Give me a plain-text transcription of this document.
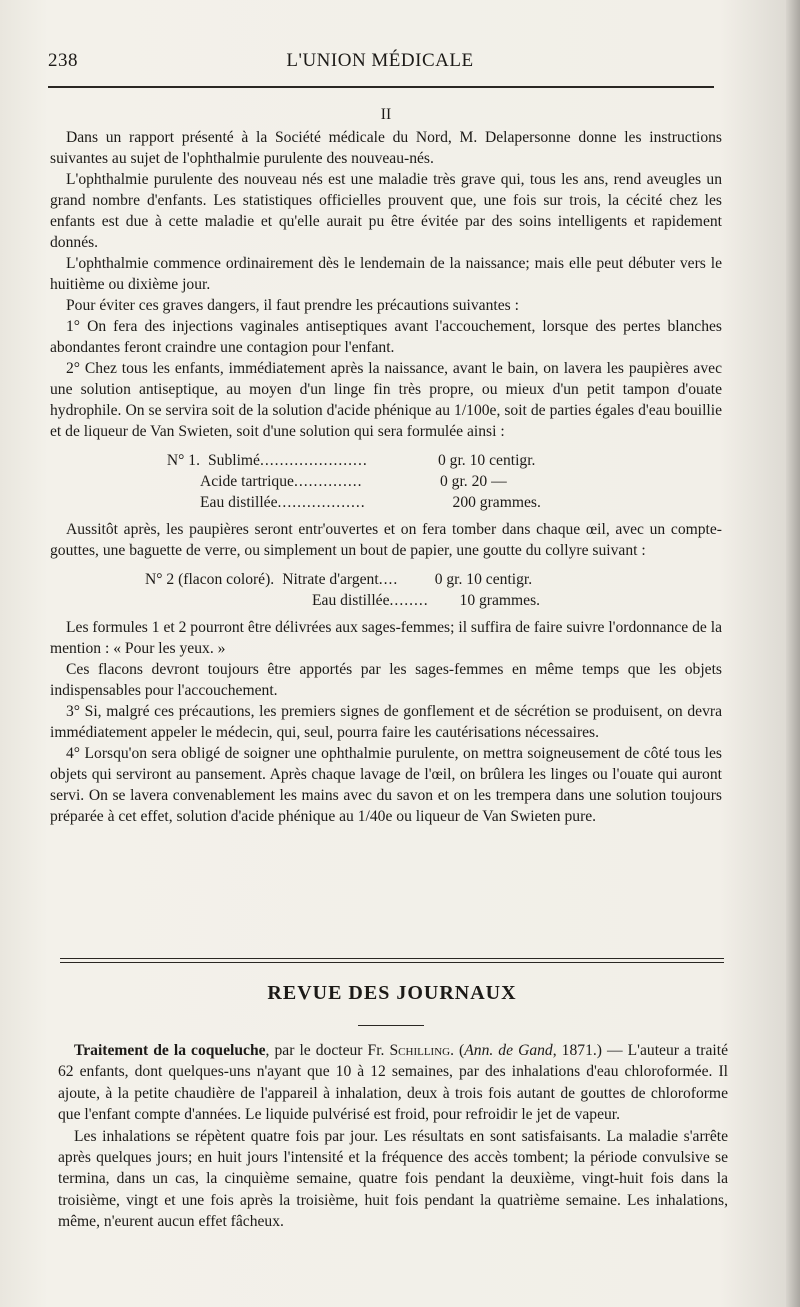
238	L'UNION MÉDICALE

II

Dans un rapport présenté à la Société médicale du Nord, M. Delapersonne donne les instructions suivantes au sujet de l'ophthalmie purulente des nouveau-nés.

L'ophthalmie purulente des nouveau nés est une maladie très grave qui, tous les ans, rend aveugles un grand nombre d'enfants. Les statistiques officielles prouvent que, une fois sur trois, la cécité chez les enfants est due à cette maladie et qu'elle aurait pu être évitée par des soins intelligents et rapidement donnés.

L'ophthalmie commence ordinairement dès le lendemain de la naissance; mais elle peut débuter vers le huitième ou dixième jour.

Pour éviter ces graves dangers, il faut prendre les précautions suivantes :

1° On fera des injections vaginales antiseptiques avant l'accouchement, lorsque des pertes blanches abondantes feront craindre une contagion pour l'enfant.

2° Chez tous les enfants, immédiatement après la naissance, avant le bain, on lavera les paupières avec une solution antiseptique, au moyen d'un linge fin très propre, ou mieux d'un petit tampon d'ouate hydrophile. On se servira soit de la solution d'acide phénique au 1/100e, soit de parties égales d'eau bouillie et de liqueur de Van Swieten, soit d'une solution qui sera formulée ainsi :

N° 1. Sublimé ......................	0 gr. 10 centigr.
Acide tartrique ..............	0 gr. 20 —
Eau distillée ..................	200 grammes.

Aussitôt après, les paupières seront entr'ouvertes et on fera tomber dans chaque œil, avec un compte-gouttes, une baguette de verre, ou simplement un bout de papier, une goutte du collyre suivant :

N° 2 (flacon coloré). Nitrate d'argent ....	0 gr. 10 centigr.
Eau distillée ........	10 grammes.

Les formules 1 et 2 pourront être délivrées aux sages-femmes; il suffira de faire suivre l'ordonnance de la mention : « Pour les yeux. »

Ces flacons devront toujours être apportés par les sages-femmes en même temps que les objets indispensables pour l'accouchement.

3° Si, malgré ces précautions, les premiers signes de gonflement et de sécrétion se produisent, on devra immédiatement appeler le médecin, qui, seul, pourra faire les cautérisations nécessaires.

4° Lorsqu'on sera obligé de soigner une ophthalmie purulente, on mettra soigneusement de côté tous les objets qui serviront au pansement. Après chaque lavage de l'œil, on brûlera les linges ou l'ouate qui auront servi. On se lavera convenablement les mains avec du savon et on les trempera dans une solution toujours préparée à cet effet, solution d'acide phénique au 1/40e ou liqueur de Van Swieten pure.

REVUE DES JOURNAUX

Traitement de la coqueluche, par le docteur Fr. Schilling. (Ann. de Gand, 1871.) — L'auteur a traité 62 enfants, dont quelques-uns n'ayant que 10 à 12 semaines, par des inhalations d'eau chloroformée. Il ajoute, à la petite chaudière de l'appareil à inhalation, deux à trois fois autant de gouttes de chloroforme que l'enfant compte d'années. Le liquide pulvérisé est froid, pour refroidir le jet de vapeur.

Les inhalations se répètent quatre fois par jour. Les résultats en sont satisfaisants. La maladie s'arrête après quelques jours; en huit jours l'intensité et la fréquence des accès tombent; la période convulsive se termina, dans un cas, la cinquième semaine, quatre fois pendant la deuxième, vingt-huit fois dans la troisième, vingt et une fois après la troisième, huit fois pendant la quatrième semaine. Les inhalations, même, n'eurent aucun effet fâcheux.
